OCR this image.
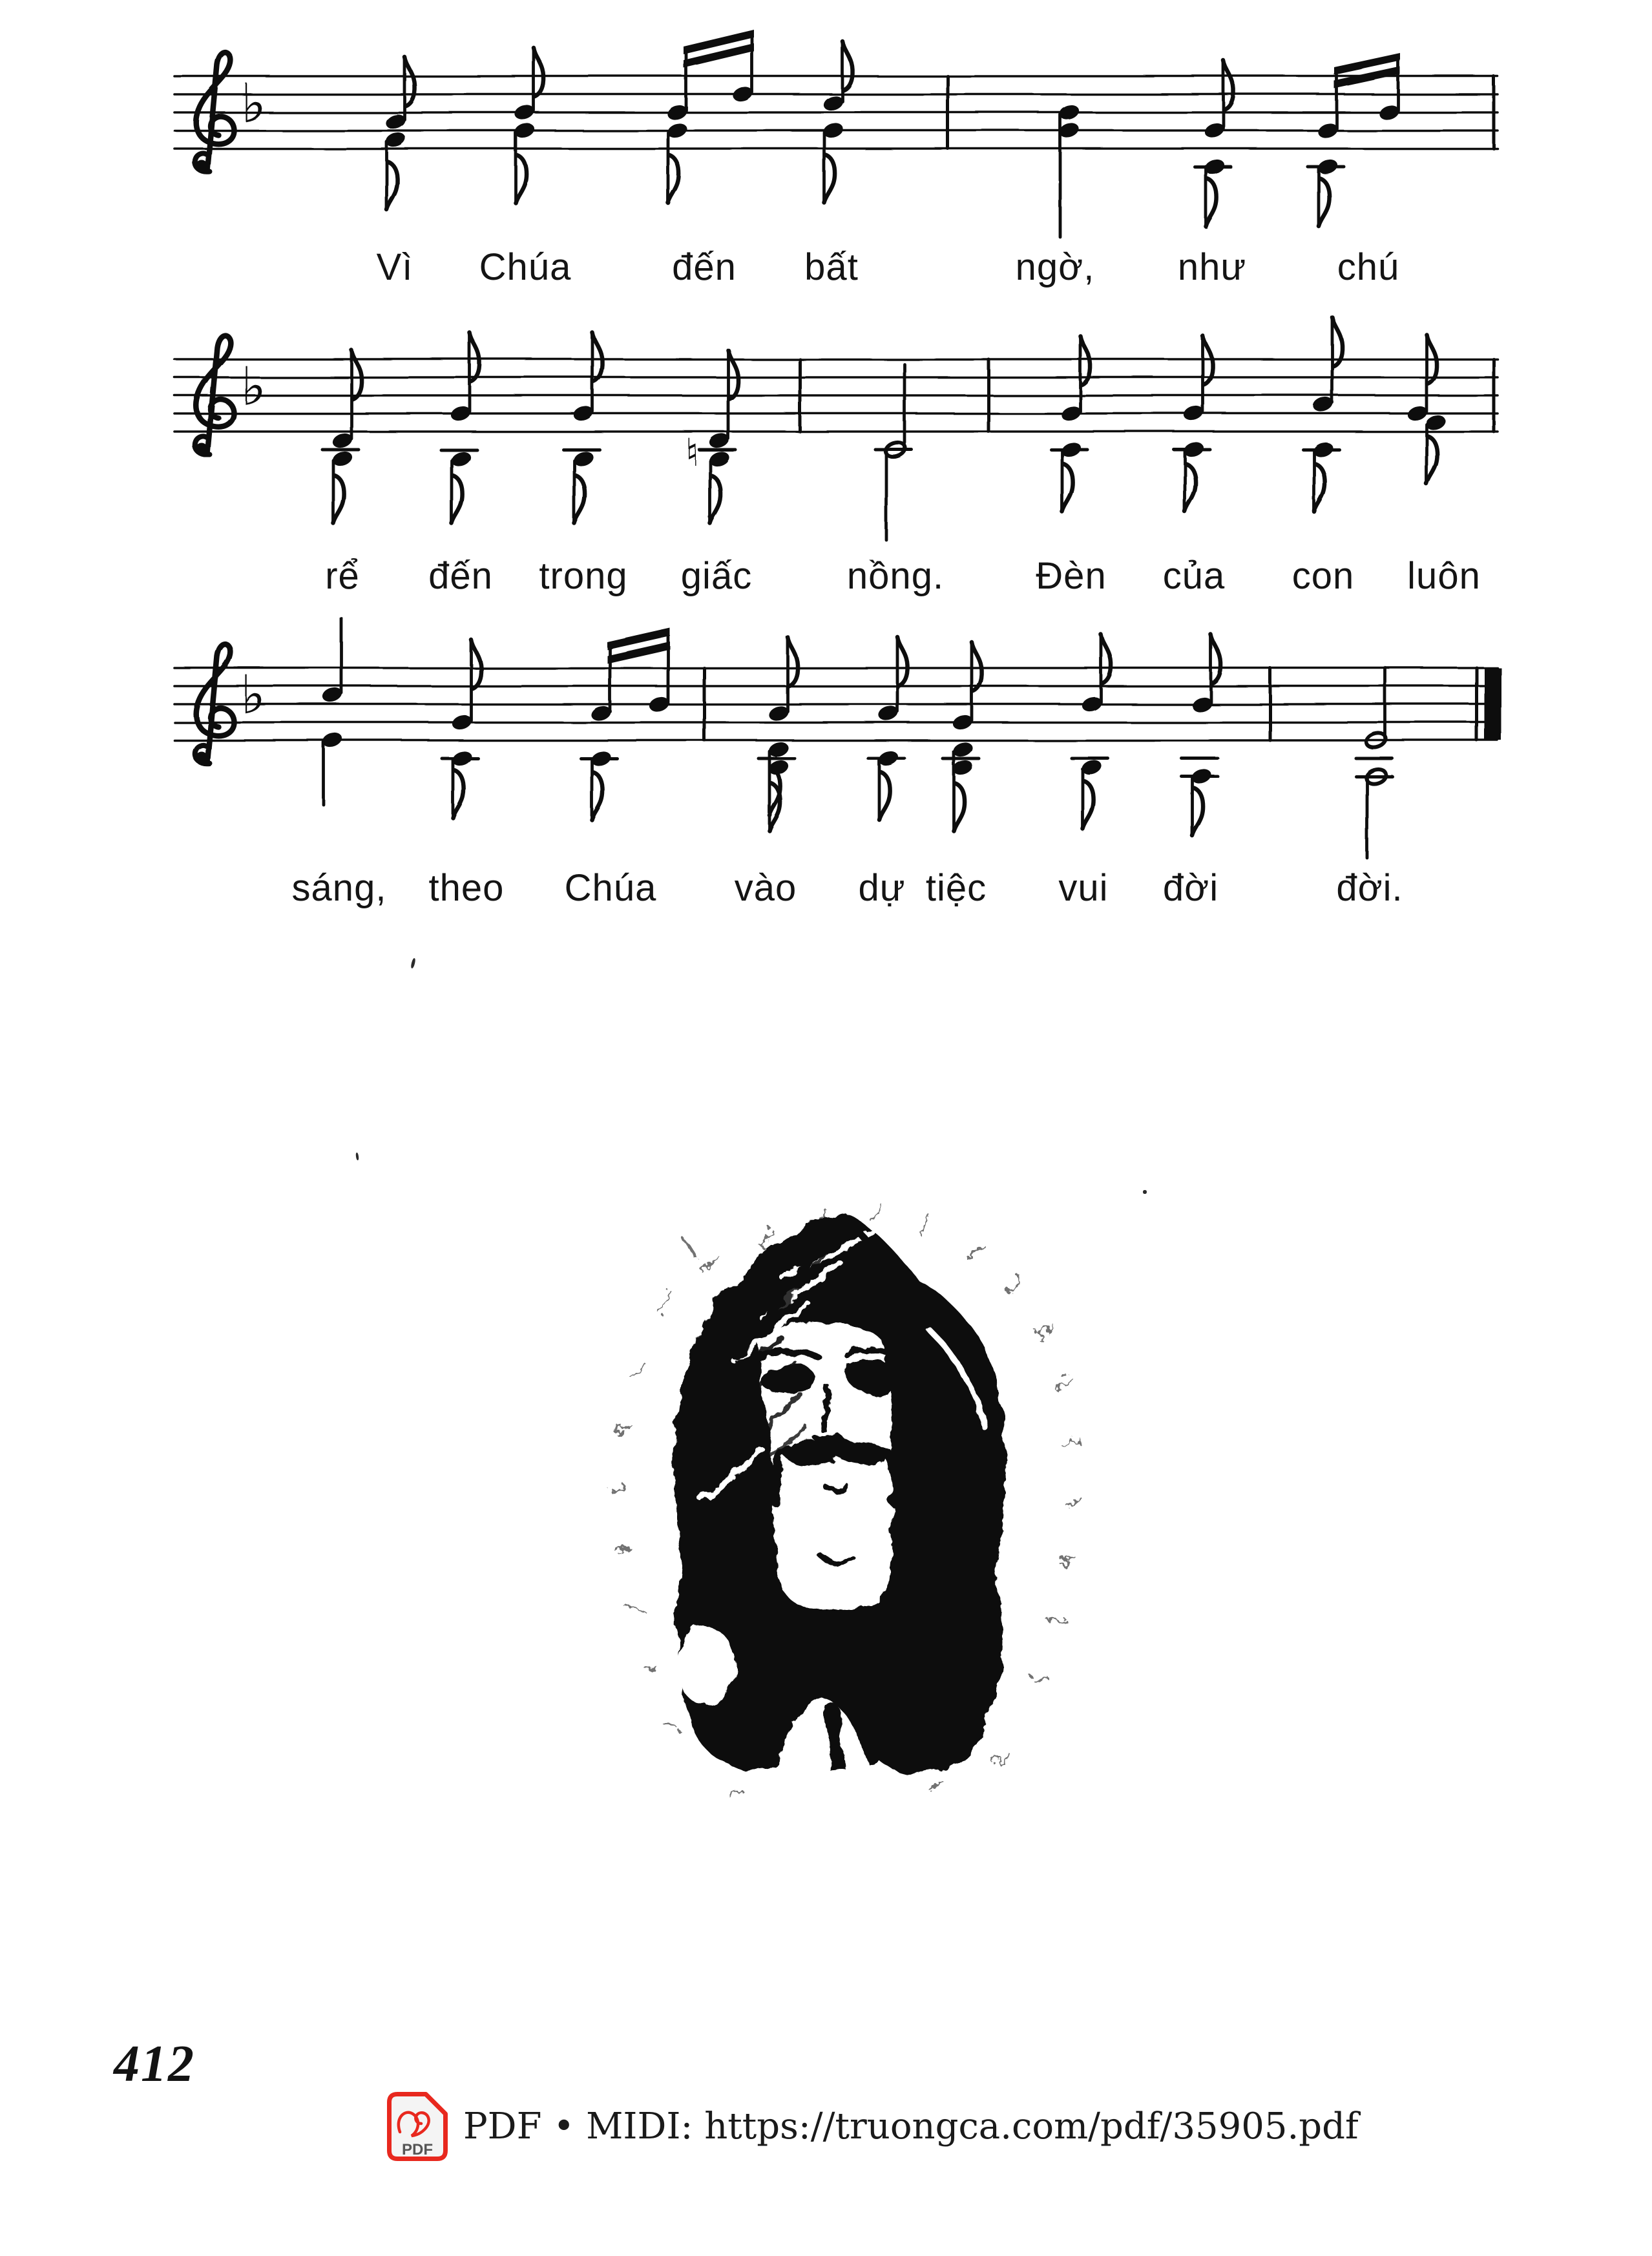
♭
♭
♮
♭
Vì Chúa	đến bất	ngờ, như chú
rể đến trong giấc	nồng. Đèn của con luôn
sáng, theo Chúa vào dự tiệc vui đời	đời.
412
PDF
PDF • MIDI: https://truongca.com/pdf/35905.pdf
